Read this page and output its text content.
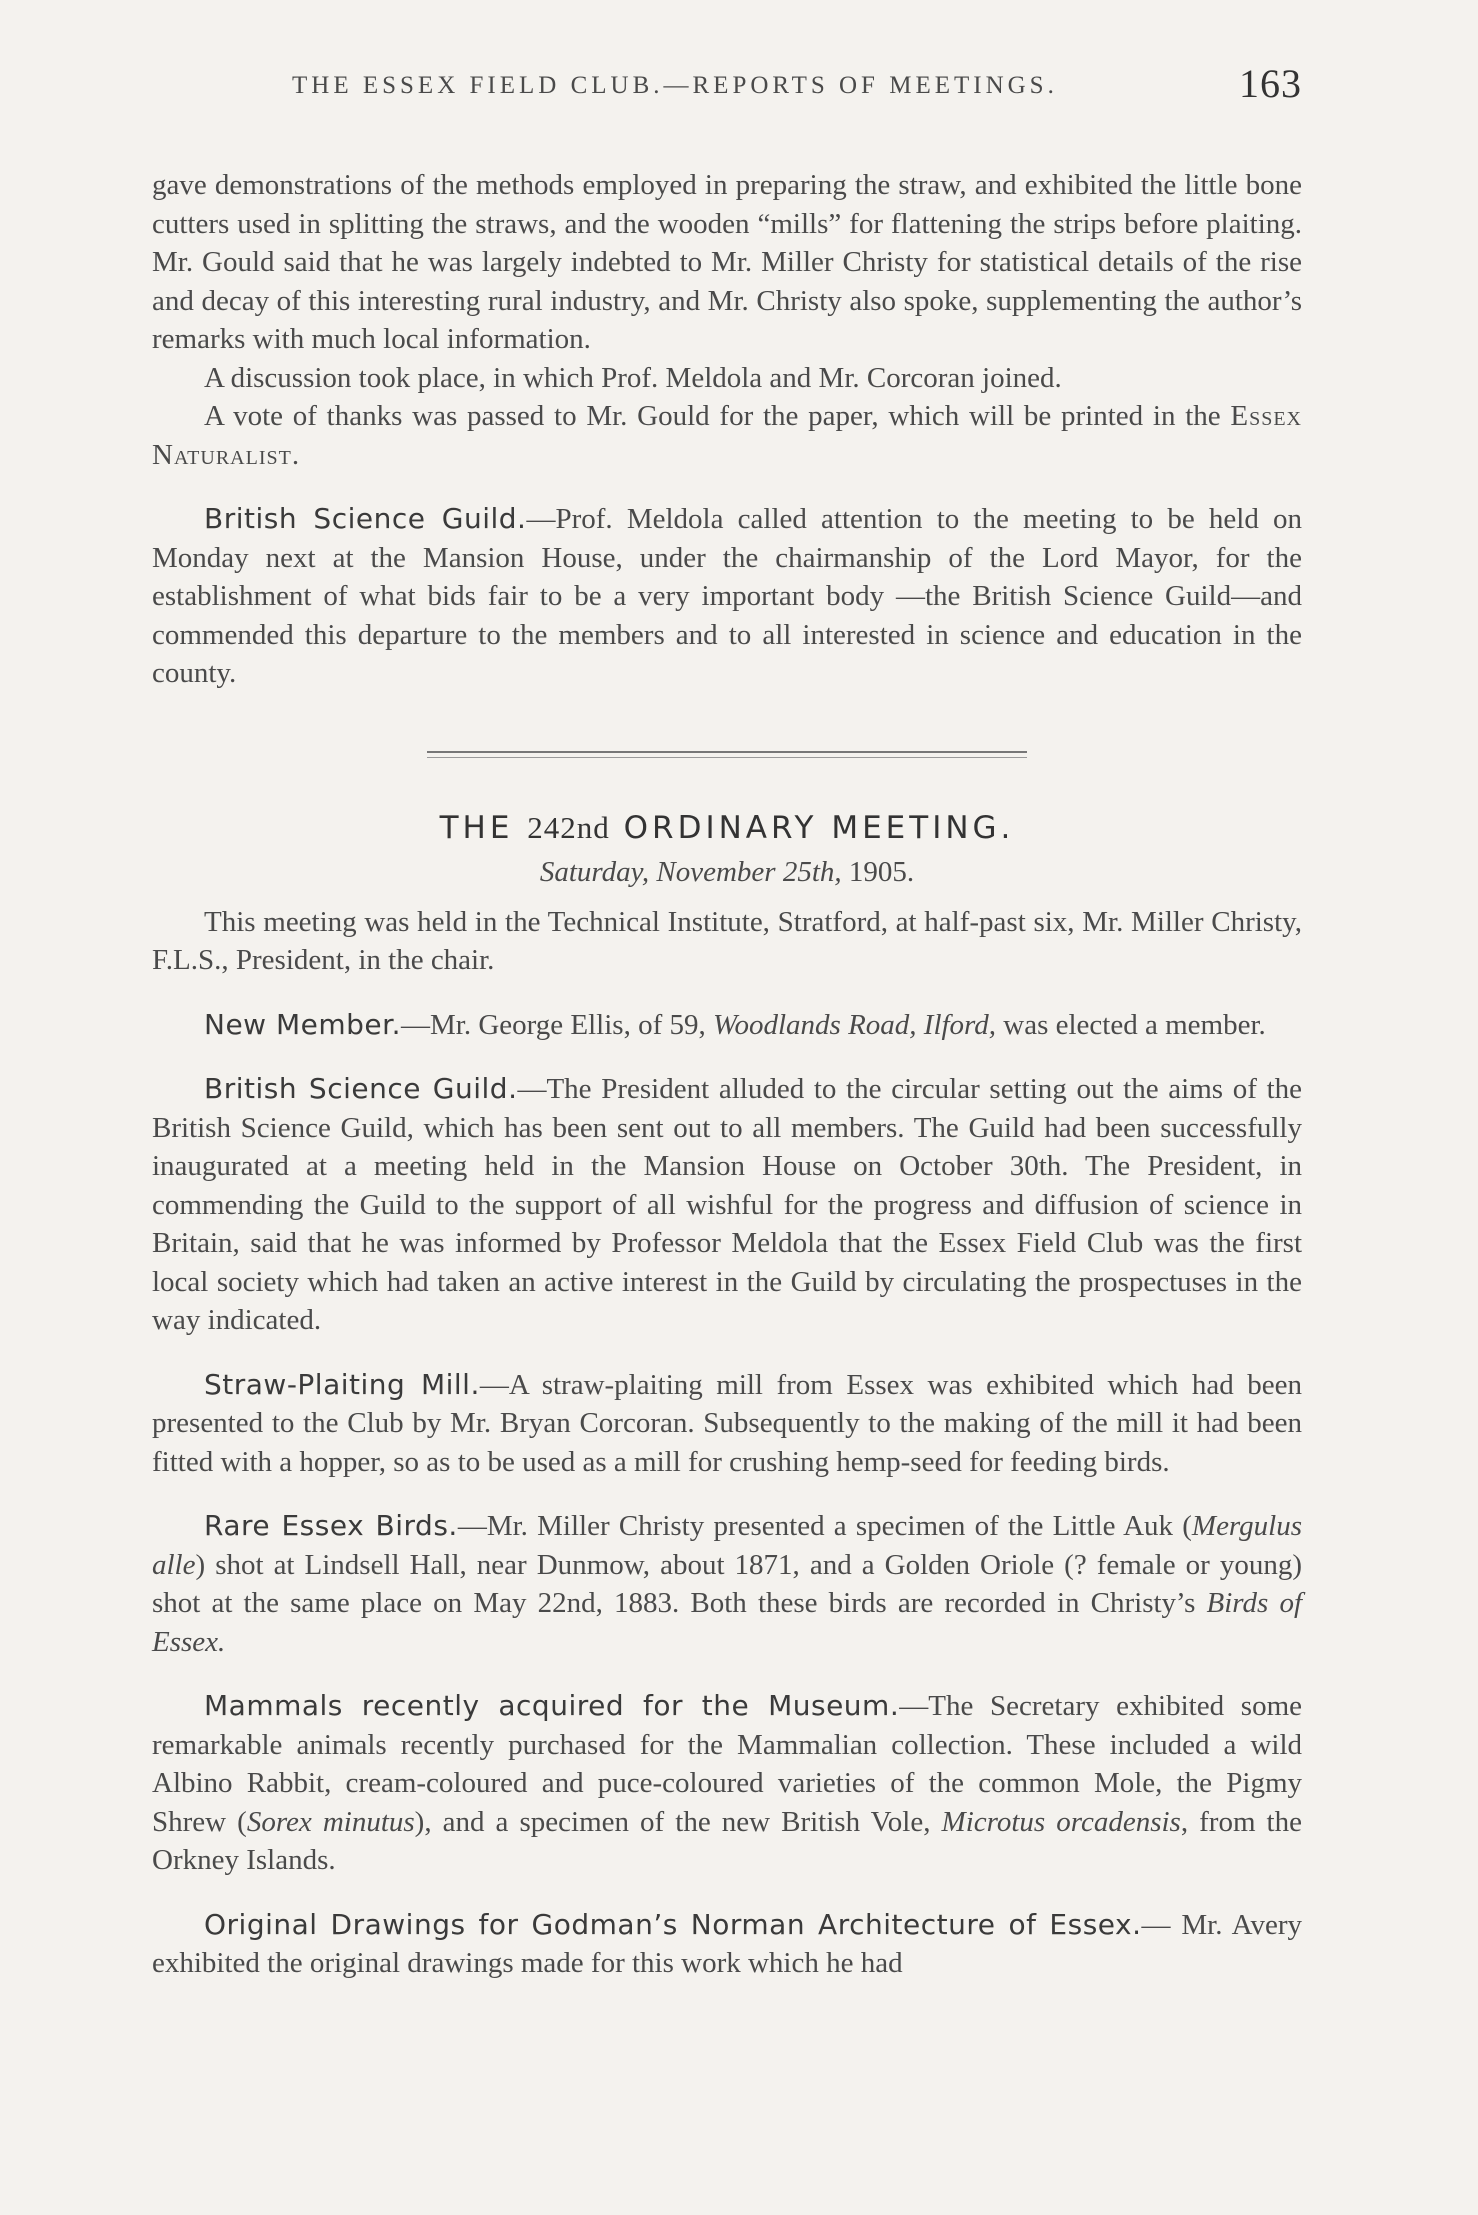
THE ESSEX FIELD CLUB.—REPORTS OF MEETINGS.	163

gave demonstrations of the methods employed in preparing the straw, and exhibited the little bone cutters used in splitting the straws, and the wooden “mills” for flattening the strips before plaiting. Mr. Gould said that he was largely indebted to Mr. Miller Christy for statistical details of the rise and decay of this interesting rural industry, and Mr. Christy also spoke, supplementing the author’s remarks with much local information.

A discussion took place, in which Prof. Meldola and Mr. Corcoran joined.

A vote of thanks was passed to Mr. Gould for the paper, which will be printed in the Essex Naturalist.

British Science Guild.—Prof. Meldola called attention to the meeting to be held on Monday next at the Mansion House, under the chairmanship of the Lord Mayor, for the establishment of what bids fair to be a very important body —the British Science Guild—and commended this departure to the members and to all interested in science and education in the county.

THE 242nd ORDINARY MEETING.
Saturday, November 25th, 1905.

This meeting was held in the Technical Institute, Stratford, at half-past six, Mr. Miller Christy, F.L.S., President, in the chair.

New Member.—Mr. George Ellis, of 59, Woodlands Road, Ilford, was elected a member.

British Science Guild.—The President alluded to the circular setting out the aims of the British Science Guild, which has been sent out to all members. The Guild had been successfully inaugurated at a meeting held in the Mansion House on October 30th. The President, in commending the Guild to the support of all wishful for the progress and diffusion of science in Britain, said that he was informed by Professor Meldola that the Essex Field Club was the first local society which had taken an active interest in the Guild by circulating the prospectuses in the way indicated.

Straw-Plaiting Mill.—A straw-plaiting mill from Essex was exhibited which had been presented to the Club by Mr. Bryan Corcoran. Subsequently to the making of the mill it had been fitted with a hopper, so as to be used as a mill for crushing hemp-seed for feeding birds.

Rare Essex Birds.—Mr. Miller Christy presented a specimen of the Little Auk (Mergulus alle) shot at Lindsell Hall, near Dunmow, about 1871, and a Golden Oriole (? female or young) shot at the same place on May 22nd, 1883. Both these birds are recorded in Christy’s Birds of Essex.

Mammals recently acquired for the Museum.—The Secretary exhibited some remarkable animals recently purchased for the Mammalian collection. These included a wild Albino Rabbit, cream-coloured and puce-coloured varieties of the common Mole, the Pigmy Shrew (Sorex minutus), and a specimen of the new British Vole, Microtus orcadensis, from the Orkney Islands.

Original Drawings for Godman’s Norman Architecture of Essex.— Mr. Avery exhibited the original drawings made for this work which he had
